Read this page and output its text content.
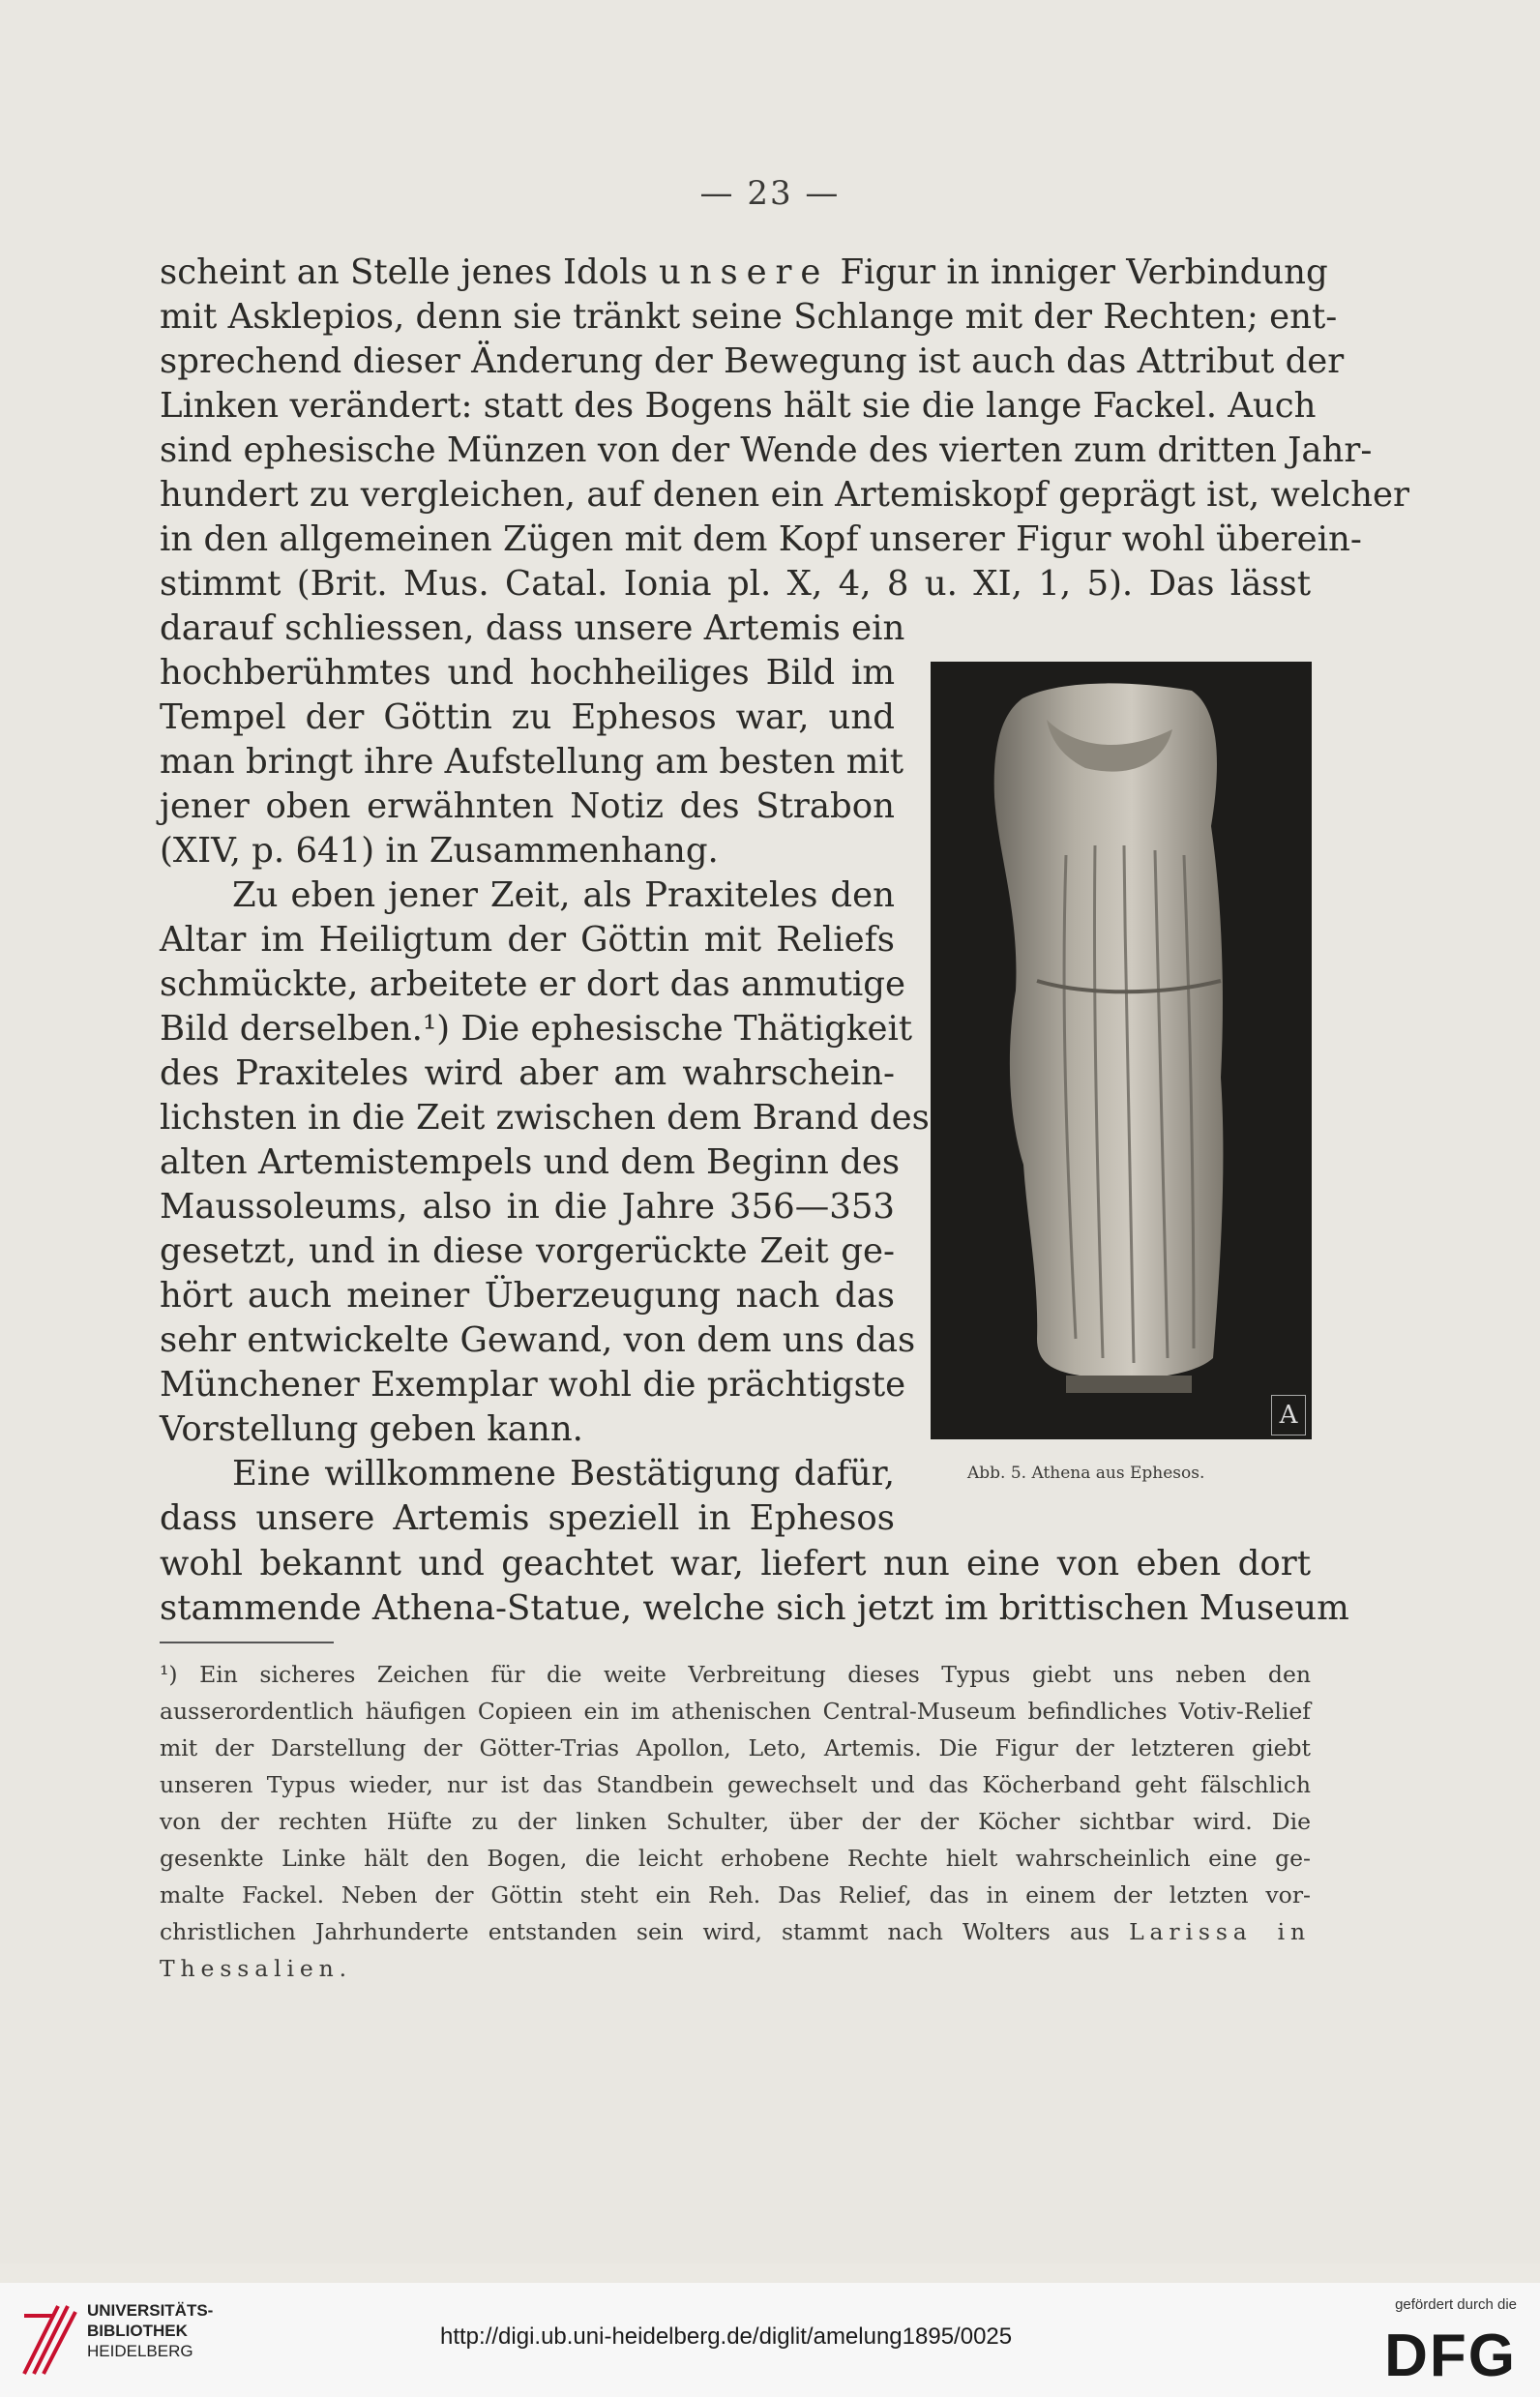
— 23 —
scheint an Stelle jenes Idols unsere Figur in inniger Verbindung
mit Asklepios, denn sie tränkt seine Schlange mit der Rechten; ent-
sprechend dieser Änderung der Bewegung ist auch das Attribut der
Linken verändert: statt des Bogens hält sie die lange Fackel. Auch
sind ephesische Münzen von der Wende des vierten zum dritten Jahr-
hundert zu vergleichen, auf denen ein Artemiskopf geprägt ist, welcher
in den allgemeinen Zügen mit dem Kopf unserer Figur wohl überein-
stimmt (Brit. Mus. Catal. Ionia pl. X, 4, 8 u. XI, 1, 5). Das lässt
darauf schliessen, dass unsere Artemis ein
hochberühmtes und hochheiliges Bild im
Tempel der Göttin zu Ephesos war, und
man bringt ihre Aufstellung am besten mit
jener oben erwähnten Notiz des Strabon
(XIV, p. 641) in Zusammenhang.
Zu eben jener Zeit, als Praxiteles den
Altar im Heiligtum der Göttin mit Reliefs
schmückte, arbeitete er dort das anmutige
Bild derselben.¹) Die ephesische Thätigkeit
des Praxiteles wird aber am wahrschein-
lichsten in die Zeit zwischen dem Brand des
alten Artemistempels und dem Beginn des
Maussoleums, also in die Jahre 356—353
gesetzt, und in diese vorgerückte Zeit ge-
hört auch meiner Überzeugung nach das
sehr entwickelte Gewand, von dem uns das
Münchener Exemplar wohl die prächtigste
Vorstellung geben kann.
Eine willkommene Bestätigung dafür,
dass unsere Artemis speziell in Ephesos
wohl bekannt und geachtet war, liefert nun eine von eben dort
stammende Athena-Statue, welche sich jetzt im brittischen Museum
A
Abb. 5. Athena aus Ephesos.
¹) Ein sicheres Zeichen für die weite Verbreitung dieses Typus giebt uns neben den
ausserordentlich häufigen Copieen ein im athenischen Central-Museum befindliches Votiv-Relief
mit der Darstellung der Götter-Trias Apollon, Leto, Artemis. Die Figur der letzteren giebt
unseren Typus wieder, nur ist das Standbein gewechselt und das Köcherband geht fälschlich
von der rechten Hüfte zu der linken Schulter, über der der Köcher sichtbar wird. Die
gesenkte Linke hält den Bogen, die leicht erhobene Rechte hielt wahrscheinlich eine ge-
malte Fackel. Neben der Göttin steht ein Reh. Das Relief, das in einem der letzten vor-
christlichen Jahrhunderte entstanden sein wird, stammt nach Wolters aus Larissa in
Thessalien.
UNIVERSITÄTS-
BIBLIOTHEK
HEIDELBERG
http://digi.ub.uni-heidelberg.de/diglit/amelung1895/0025
gefördert durch die
DFG
